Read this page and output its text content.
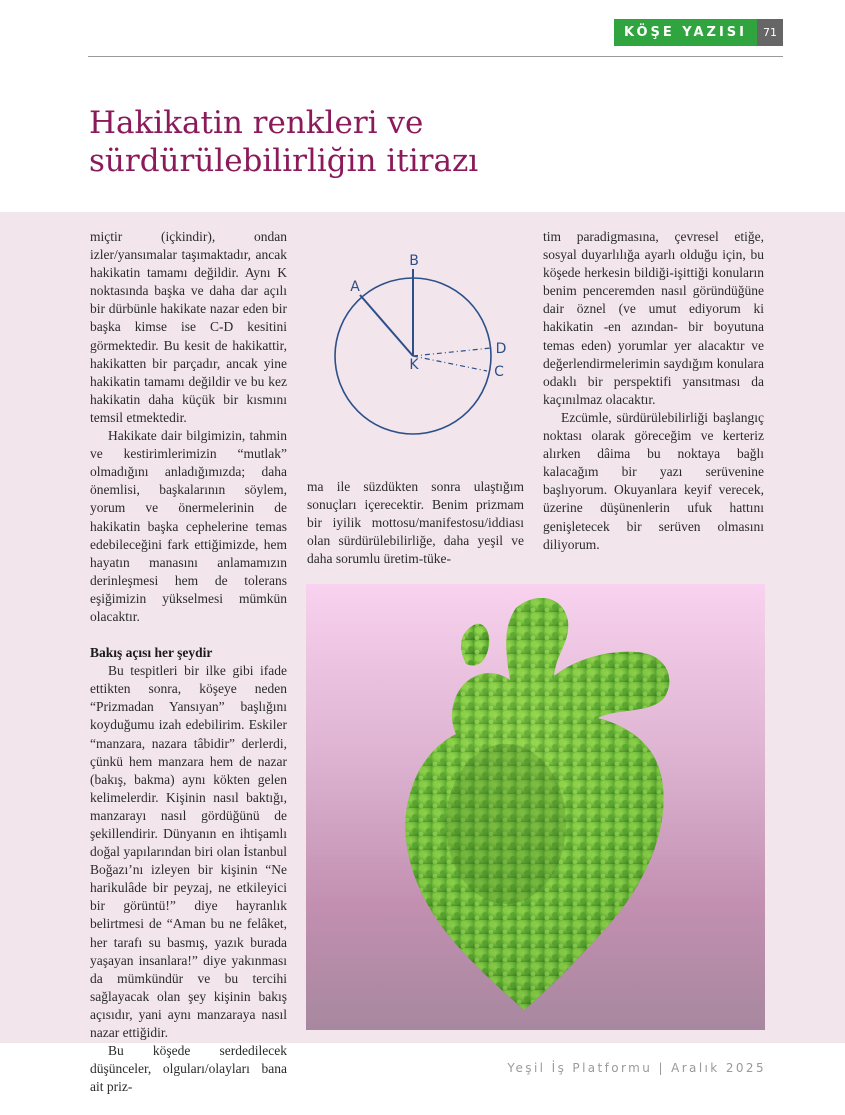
KÖŞE YAZISI	71
Hakikatin renkleri ve
sürdürülebilirliğin itirazı

miçtir (içkindir), ondan izler/yansımalar taşımaktadır, ancak hakikatin tamamı değildir. Aynı K noktasında başka ve daha dar açılı bir dürbünle hakikate nazar eden bir başka kimse ise C-D kesitini görmektedir. Bu kesit de hakikattir, hakikatten bir parçadır, ancak yine hakikatin tamamı değildir ve bu kez hakikatin daha küçük bir kısmını temsil etmektedir.

Hakikate dair bilgimizin, tahmin ve kestirimlerimizin “mutlak” olmadığını anladığımızda; daha önemlisi, başkalarının söylem, yorum ve önermelerinin de hakikatin başka cephelerine temas edebileceğini fark ettiğimizde, hem hayatın manasını anlamamızın derinleşmesi hem de tolerans eşiğimizin yükselmesi mümkün olacaktır.

Bakış açısı her şeydir

Bu tespitleri bir ilke gibi ifade ettikten sonra, köşeye neden “Prizmadan Yansıyan” başlığını koyduğumu izah edebilirim. Eskiler “manzara, nazara tâbidir” derlerdi, çünkü hem manzara hem de nazar (bakış, bakma) aynı kökten gelen kelimelerdir. Kişinin nasıl baktığı, manzarayı nasıl gördüğünü de şekillendirir. Dünyanın en ihtişamlı doğal yapılarından biri olan İstanbul Boğazı’nı izleyen bir kişinin “Ne harikulâde bir peyzaj, ne etkileyici bir görüntü!” diye hayranlık belirtmesi de “Aman bu ne felâket, her tarafı su basmış, yazık burada yaşayan insanlara!” diye yakınması da mümkündür ve bu tercihi sağlayacak olan şey kişinin bakış açısıdır, yani aynı manzaraya nasıl nazar ettiğidir.

Bu köşede serdedilecek düşünceler, olguları/olayları bana ait priz-

B
A
K
D
C

ma ile süzdükten sonra ulaştığım sonuçları içerecektir. Benim prizmam bir iyilik mottosu/manifestosu/iddiası olan sürdürülebilirliğe, daha yeşil ve daha sorumlu üretim-tüke-

tim paradigmasına, çevresel etiğe, sosyal duyarlılığa ayarlı olduğu için, bu köşede herkesin bildiği-işittiği konuların benim penceremden nasıl göründüğüne dair öznel (ve umut ediyorum ki hakikatin -en azından- bir boyutuna temas eden) yorumlar yer alacaktır ve değerlendirmelerimin saydığım konulara odaklı bir perspektifi yansıtması da kaçınılmaz olacaktır.

Ezcümle, sürdürülebilirliği başlangıç noktası olarak göreceğim ve kerteriz alırken dâima bu noktaya bağlı kalacağım bir yazı serüvenine başlıyorum. Okuyanlara keyif verecek, üzerine düşünenlerin ufuk hattını genişletecek bir serüven olmasını diliyorum.

Yeşil İş Platformu | Aralık 2025
